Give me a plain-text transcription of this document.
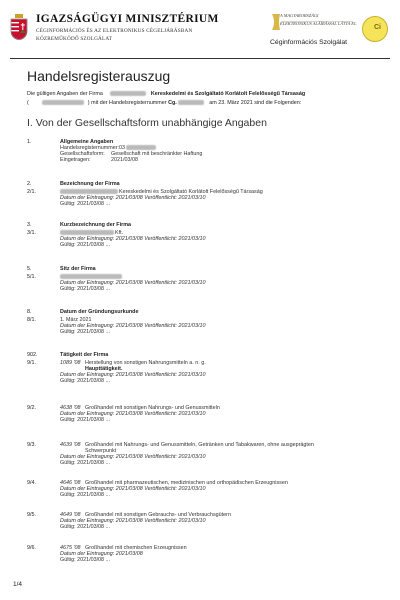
IGAZSÁGÜGYI MINISZTÉRIUM
CÉGINFORMÁCIÓS ÉS AZ ELEKTRONIKUS CÉGELJÁRÁSBAN
KÖZREMŰKÖDŐ SZOLGÁLAT
A MAGYARORSZÁGI
ELEKTRONIKUS ALÁÍRÁSSAL LÁTTA EL
Ci
Céginformációs Szolgálat
Handelsregisterauszug
Die gültigen Angaben der Firma	Kereskedelmi és Szolgáltató Korlátolt Felelősségű Társaság
(	) mit der Handelsregisternummer Cg.	am 23. März 2021 sind die Folgenden:
I. Von der Gesellschaftsform unabhängige Angaben
1.	Allgemeine Angaben
Handelsregisternummer:03
Gesellschaftsform: Gesellschaft mit beschränkter Haftung
Eingetragen:	2021/03/08
2.	Bezeichnung der Firma
2/1.	Kereskedelmi és Szolgáltató Korlátolt Felelősségű Társaság
Datum der Eintragung: 2021/03/08 Veröffentlicht: 2021/03/10
Gültig: 2021/03/08 ...
3.	Kurzbezeichnung der Firma
3/1.	Kft.
Datum der Eintragung: 2021/03/08 Veröffentlicht: 2021/03/10
Gültig: 2021/03/08 ...
5.	Sitz der Firma
5/1.
Datum der Eintragung: 2021/03/08 Veröffentlicht: 2021/03/10
Gültig: 2021/03/08 ...
8.	Datum der Gründungsurkunde
8/1.	1. März 2021
Datum der Eintragung: 2021/03/08 Veröffentlicht: 2021/03/10
Gültig: 2021/03/08 ...
902.	Tätigkeit der Firma
9/1.	1089 '08 Herstellung von sonstigen Nahrungsmitteln a. n. g.
Haupttätigkeit.
Datum der Eintragung: 2021/03/08 Veröffentlicht: 2021/03/10
Gültig: 2021/03/08 ...
9/2.	4638 '08 Großhandel mit sonstigen Nahrungs- und Genussmitteln
Datum der Eintragung: 2021/03/08 Veröffentlicht: 2021/03/10
Gültig: 2021/03/08 ...
9/3.	4639 '08 Großhandel mit Nahrungs- und Genussmitteln, Getränken und Tabakwaren, ohne ausgeprägten
Schwerpunkt
Datum der Eintragung: 2021/03/08 Veröffentlicht: 2021/03/10
Gültig: 2021/03/08 ...
9/4.	4646 '08 Großhandel mit pharmazeutischen, medizinischen und orthopädischen Erzeugnissen
Datum der Eintragung: 2021/03/08 Veröffentlicht: 2021/03/10
Gültig: 2021/03/08 ...
9/5.	4649 '08 Großhandel mit sonstigen Gebrauchs- und Verbrauchsgütern
Datum der Eintragung: 2021/03/08 Veröffentlicht: 2021/03/10
Gültig: 2021/03/08 ...
9/6.	4675 '08 Großhandel mit chemischen Erzeugnissen
Datum der Eintragung: 2021/03/08
Gültig: 2021/03/08 ...
1/4
